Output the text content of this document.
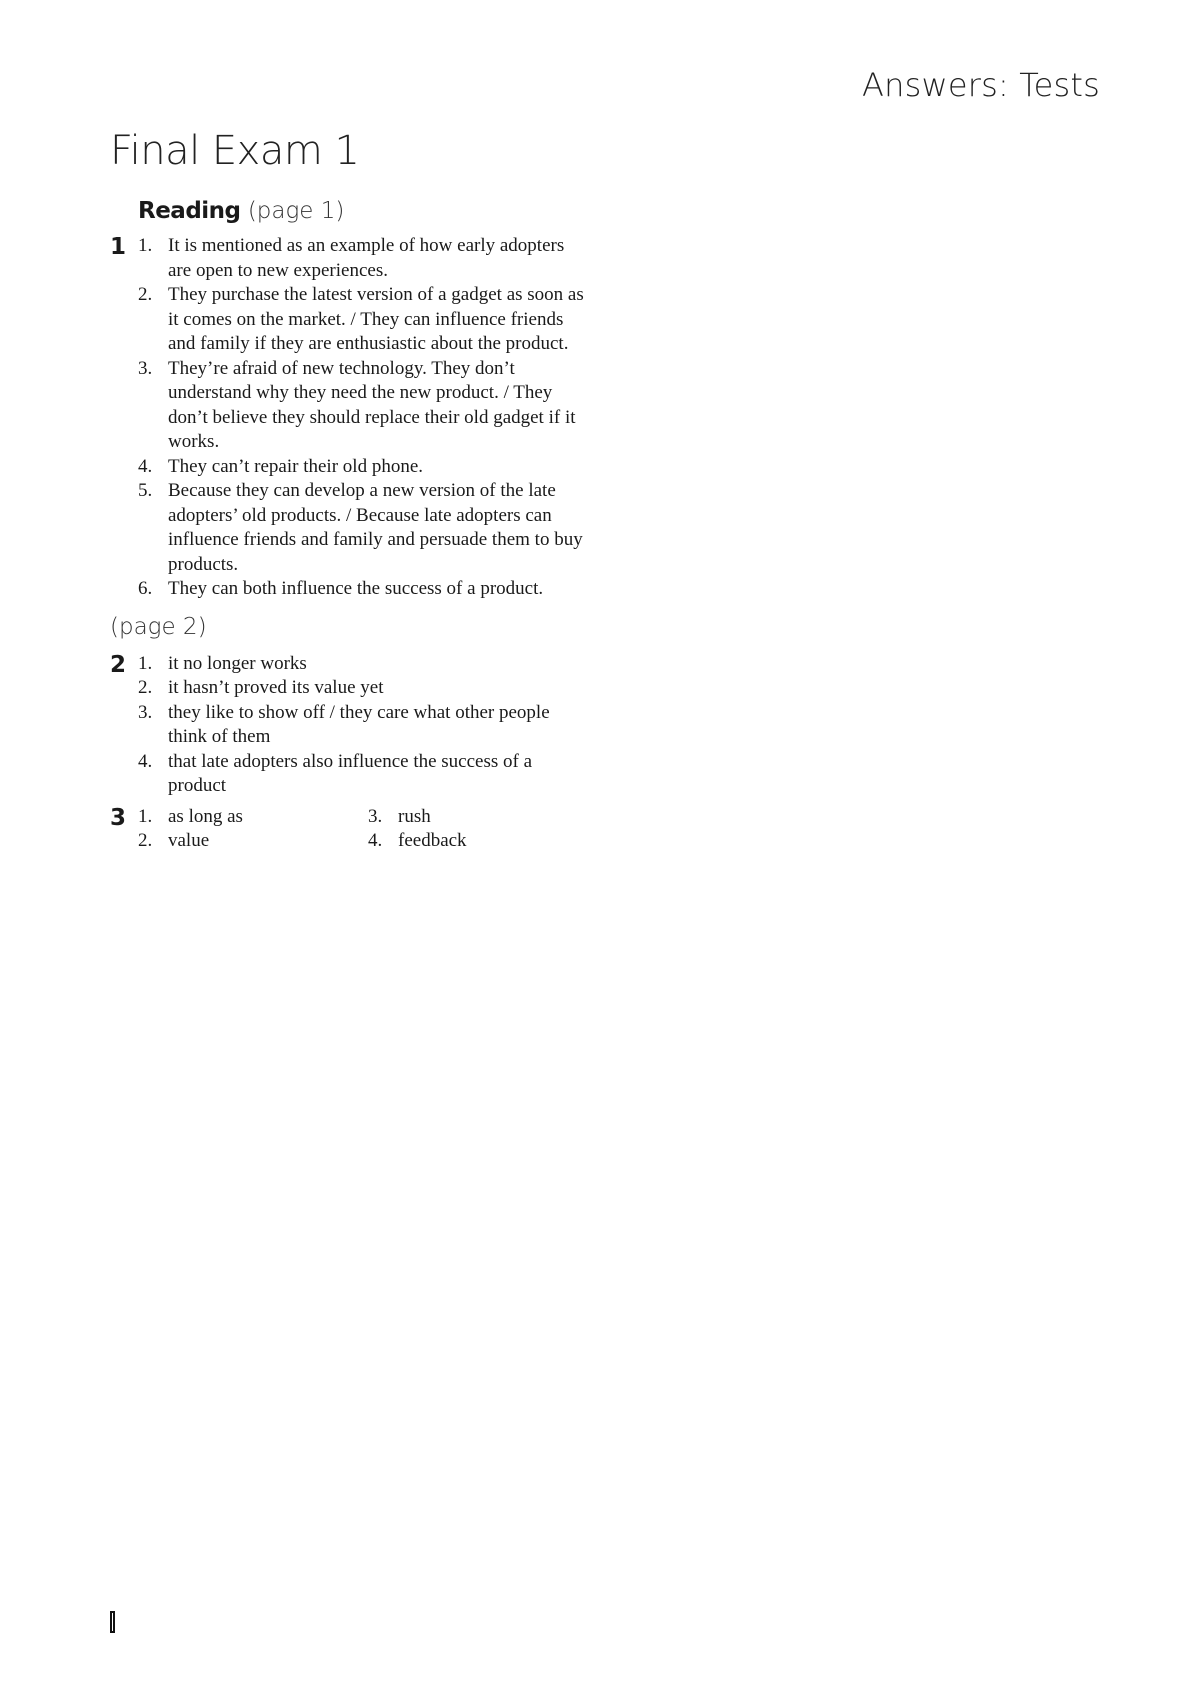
Answers: Tests
Final Exam 1
Reading (page 1)
1 1. It is mentioned as an example of how early adopters are open to new experiences.
2. They purchase the latest version of a gadget as soon as it comes on the market. / They can influence friends and family if they are enthusiastic about the product.
3. They’re afraid of new technology. They don’t understand why they need the new product. / They don’t believe they should replace their old gadget if it works.
4. They can’t repair their old phone.
5. Because they can develop a new version of the late adopters’ old products. / Because late adopters can influence friends and family and persuade them to buy products.
6. They can both influence the success of a product.
(page 2)
2 1. it no longer works
2. it hasn’t proved its value yet
3. they like to show off / they care what other people think of them
4. that late adopters also influence the success of a product
3 1. as long as	3. rush
2. value	4. feedback
